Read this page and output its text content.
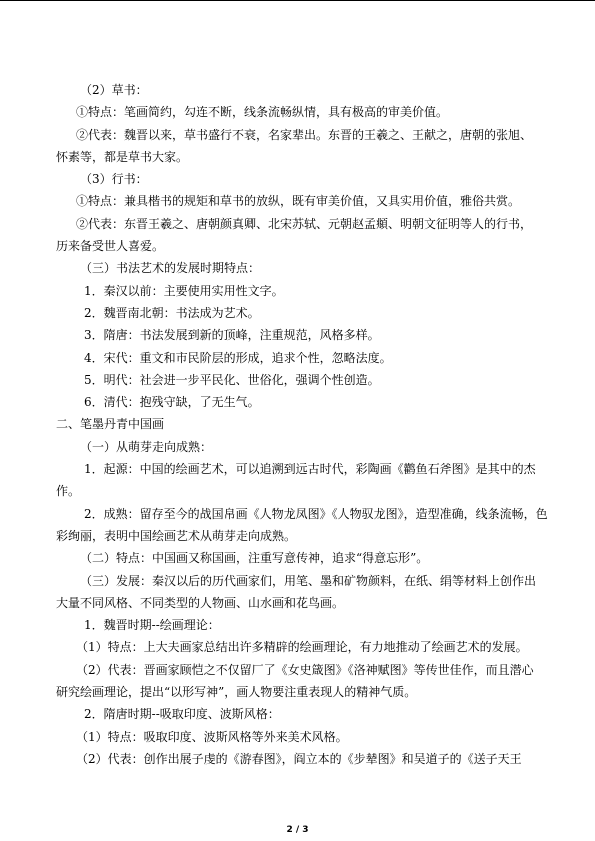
（2）草书：
①特点：笔画简约，勾连不断，线条流畅纵情，具有极高的审美价值。
②代表：魏晋以来，草书盛行不衰，名家辈出。东晋的王羲之、王献之，唐朝的张旭、
怀素等，都是草书大家。
（3）行书：
①特点：兼具楷书的规矩和草书的放纵，既有审美价值，又具实用价值，雅俗共赏。
②代表：东晋王羲之、唐朝颜真卿、北宋苏轼、元朝赵孟頫、明朝文征明等人的行书，
历来备受世人喜爱。
（三）书法艺术的发展时期特点：
1．秦汉以前：主要使用实用性文字。
2．魏晋南北朝：书法成为艺术。
3．隋唐：书法发展到新的顶峰，注重规范，风格多样。
4．宋代：重文和市民阶层的形成，追求个性，忽略法度。
5．明代：社会进一步平民化、世俗化，强调个性创造。
6．清代：抱残守缺，了无生气。
二、笔墨丹青中国画
（一）从萌芽走向成熟：
1．起源：中国的绘画艺术，可以追溯到远古时代，彩陶画《鹳鱼石斧图》是其中的杰
作。
2．成熟：留存至今的战国帛画《人物龙凤图》《人物驭龙图》，造型准确，线条流畅，色
彩绚丽，表明中国绘画艺术从萌芽走向成熟。
（二）特点：中国画又称国画，注重写意传神，追求“得意忘形”。
（三）发展：秦汉以后的历代画家们，用笔、墨和矿物颜料，在纸、绢等材料上创作出
大量不同风格、不同类型的人物画、山水画和花鸟画。
1．魏晋时期--绘画理论：
（1）特点：上大夫画家总结出许多精辟的绘画理论，有力地推动了绘画艺术的发展。
（2）代表：晋画家顾恺之不仅留厂了《女史箴图》《洛神赋图》等传世佳作，而且潜心
研究绘画理论，提出“以形写神”，画人物要注重表现人的精神气质。
2．隋唐时期--吸取印度、波斯风格：
（1）特点：吸取印度、波斯风格等外来美术风格。
（2）代表：创作出展子虔的《游春图》，阎立本的《步辇图》和吴道子的《送子天王
2 / 3
